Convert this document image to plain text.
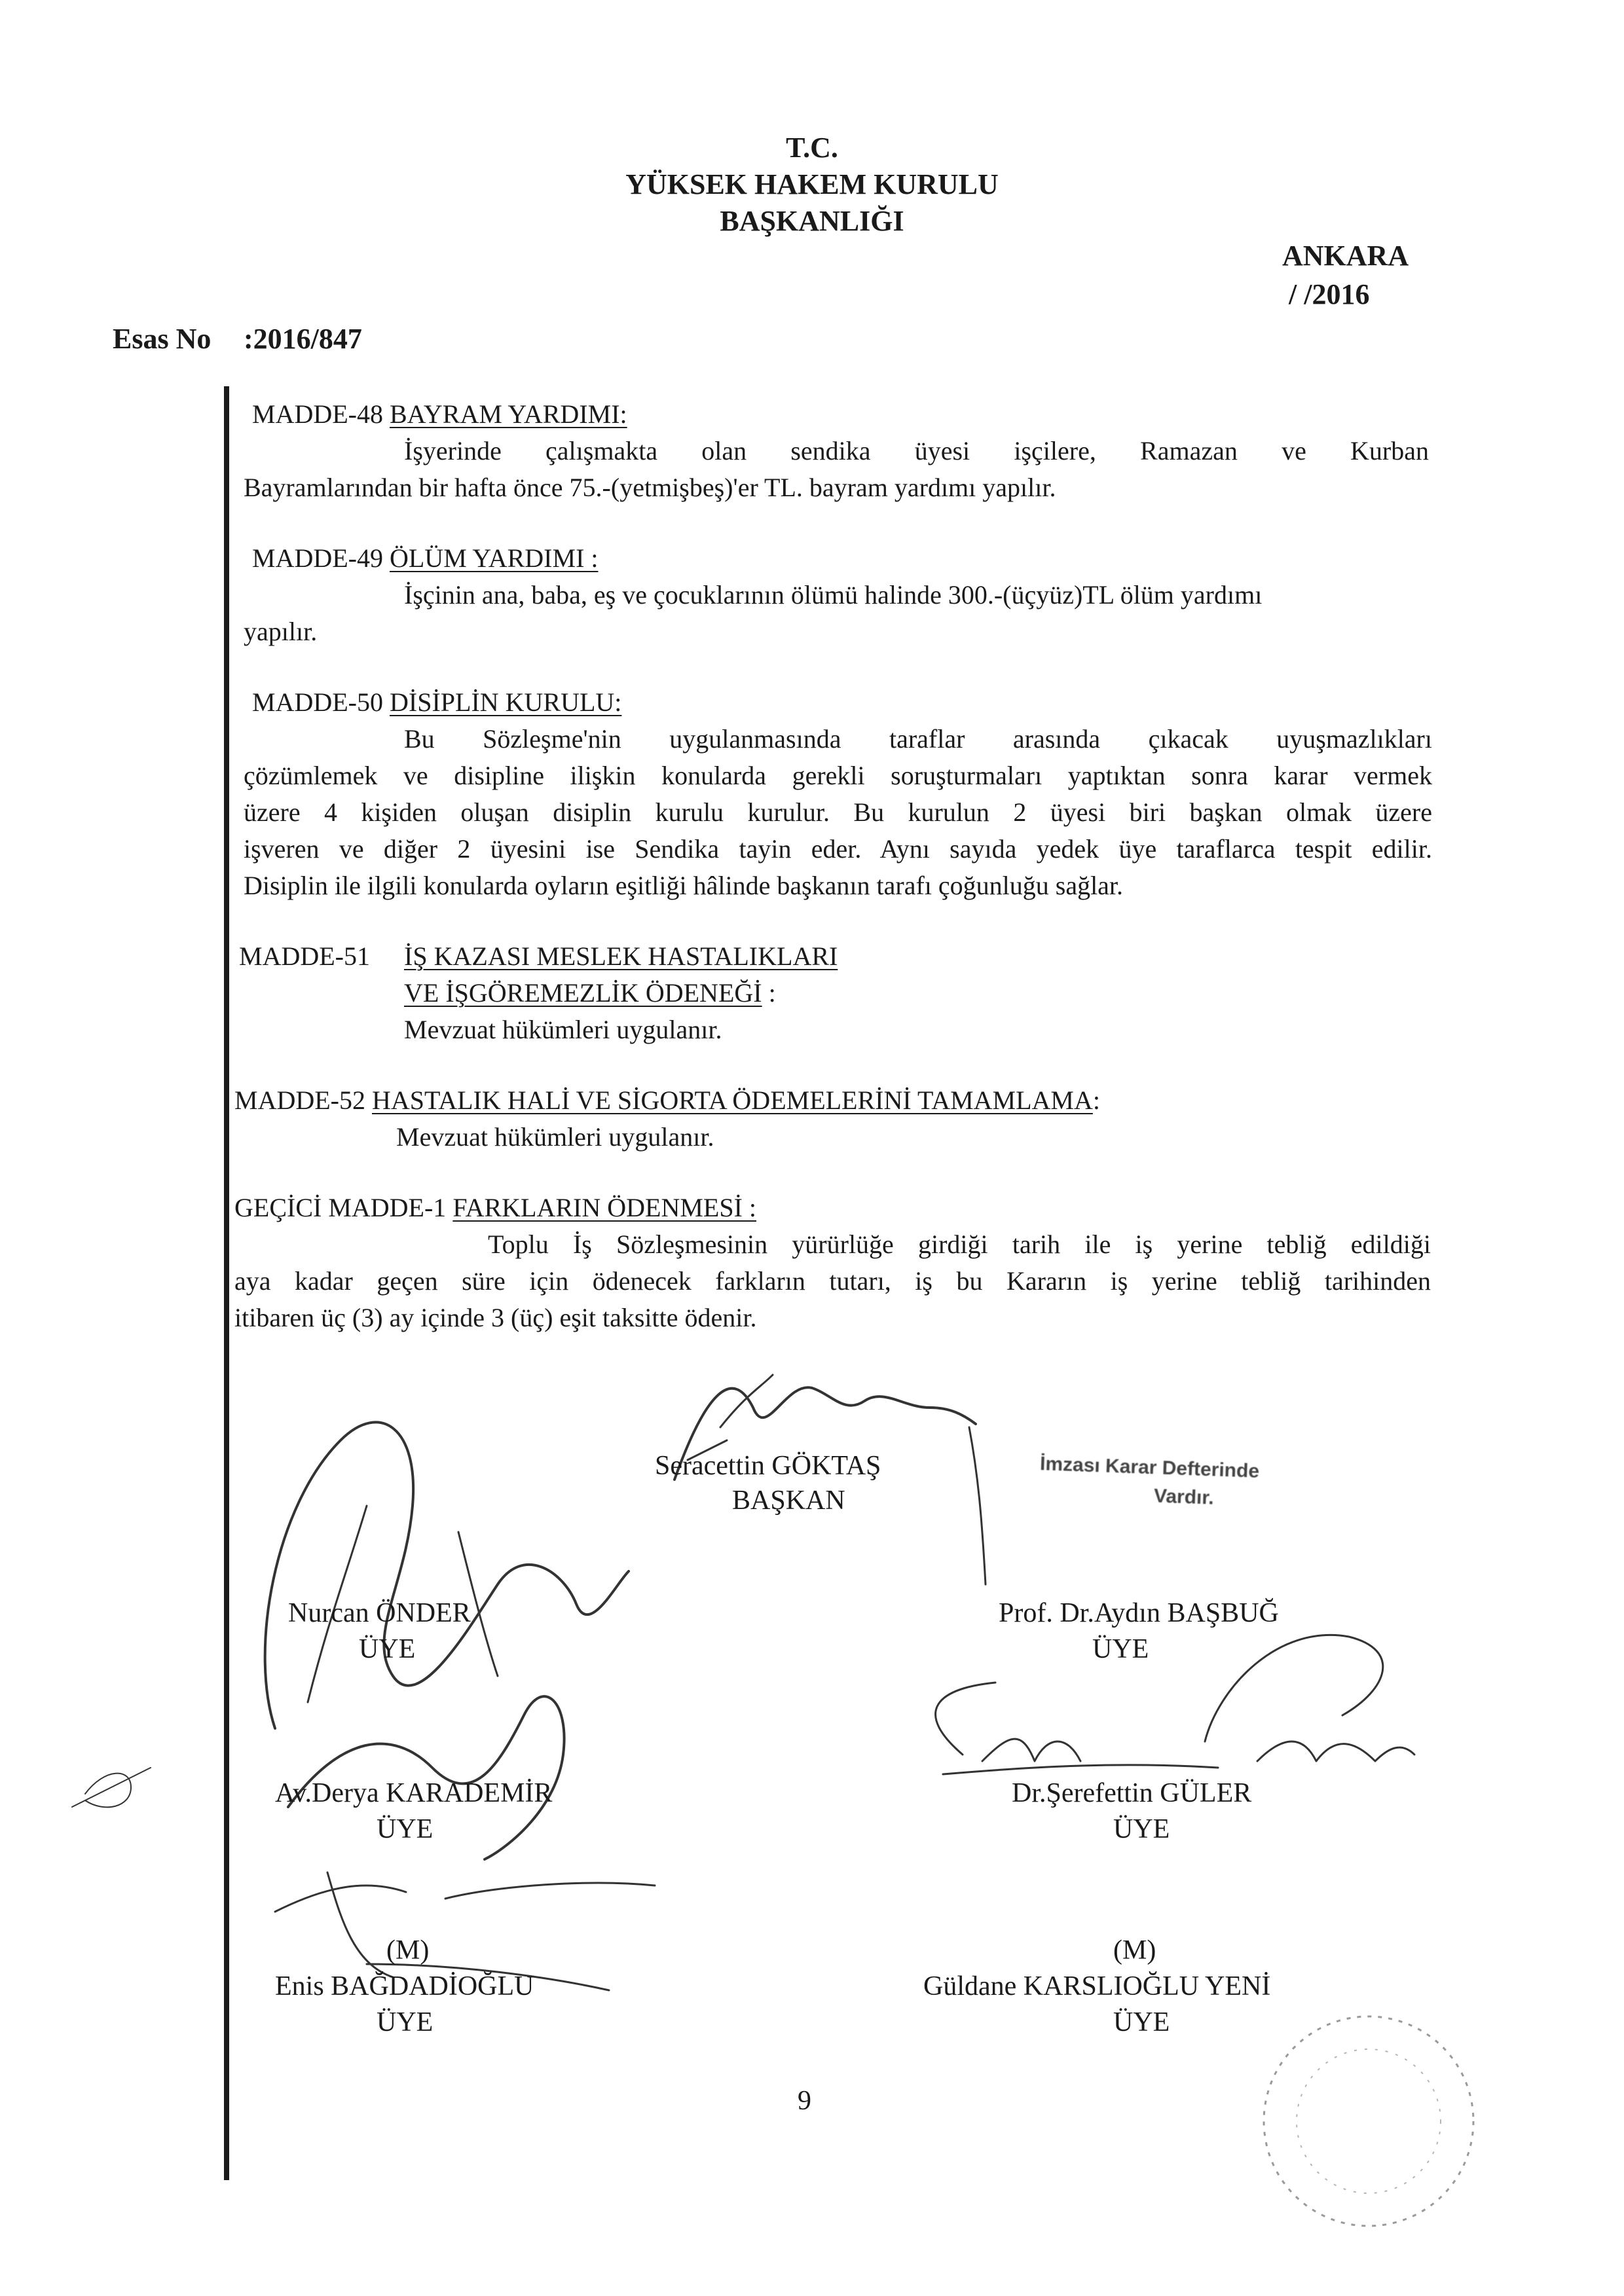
T.C.
YÜKSEK HAKEM KURULU
BAŞKANLIĞI
ANKARA
/ /2016
Esas No :2016/847
MADDE-48 BAYRAM YARDIMI:
İşyerinde çalışmakta olan sendika üyesi işçilere, Ramazan ve Kurban
Bayramlarından bir hafta önce 75.-(yetmişbeş)'er TL. bayram yardımı yapılır.
MADDE-49 ÖLÜM YARDIMI :
İşçinin ana, baba, eş ve çocuklarının ölümü halinde 300.-(üçyüz)TL ölüm yardımı
yapılır.
MADDE-50 DİSİPLİN KURULU:
Bu Sözleşme'nin uygulanmasında taraflar arasında çıkacak uyuşmazlıkları
çözümlemek ve disipline ilişkin konularda gerekli soruşturmaları yaptıktan sonra karar vermek
üzere 4 kişiden oluşan disiplin kurulu kurulur. Bu kurulun 2 üyesi biri başkan olmak üzere
işveren ve diğer 2 üyesini ise Sendika tayin eder. Aynı sayıda yedek üye taraflarca tespit edilir.
Disiplin ile ilgili konularda oyların eşitliği hâlinde başkanın tarafı çoğunluğu sağlar.
MADDE-51 İŞ KAZASI MESLEK HASTALIKLARI
VE İŞGÖREMEZLİK ÖDENEĞİ :
Mevzuat hükümleri uygulanır.
MADDE-52 HASTALIK HALİ VE SİGORTA ÖDEMELERİNİ TAMAMLAMA:
Mevzuat hükümleri uygulanır.
GEÇİCİ MADDE-1 FARKLARIN ÖDENMESİ :
Toplu İş Sözleşmesinin yürürlüğe girdiği tarih ile iş yerine tebliğ edildiği
aya kadar geçen süre için ödenecek farkların tutarı, iş bu Kararın iş yerine tebliğ tarihinden
itibaren üç (3) ay içinde 3 (üç) eşit taksitte ödenir.
Seracettin GÖKTAŞ
BAŞKAN
İmzası Karar Defterinde
Vardır.
Nurcan ÖNDER
ÜYE
Prof. Dr.Aydın BAŞBUĞ
ÜYE
Av.Derya KARADEMİR
ÜYE
Dr.Şerefettin GÜLER
ÜYE
(M)
Enis BAĞDADİOĞLU
ÜYE
(M)
Güldane KARSLIOĞLU YENİ
ÜYE
9
